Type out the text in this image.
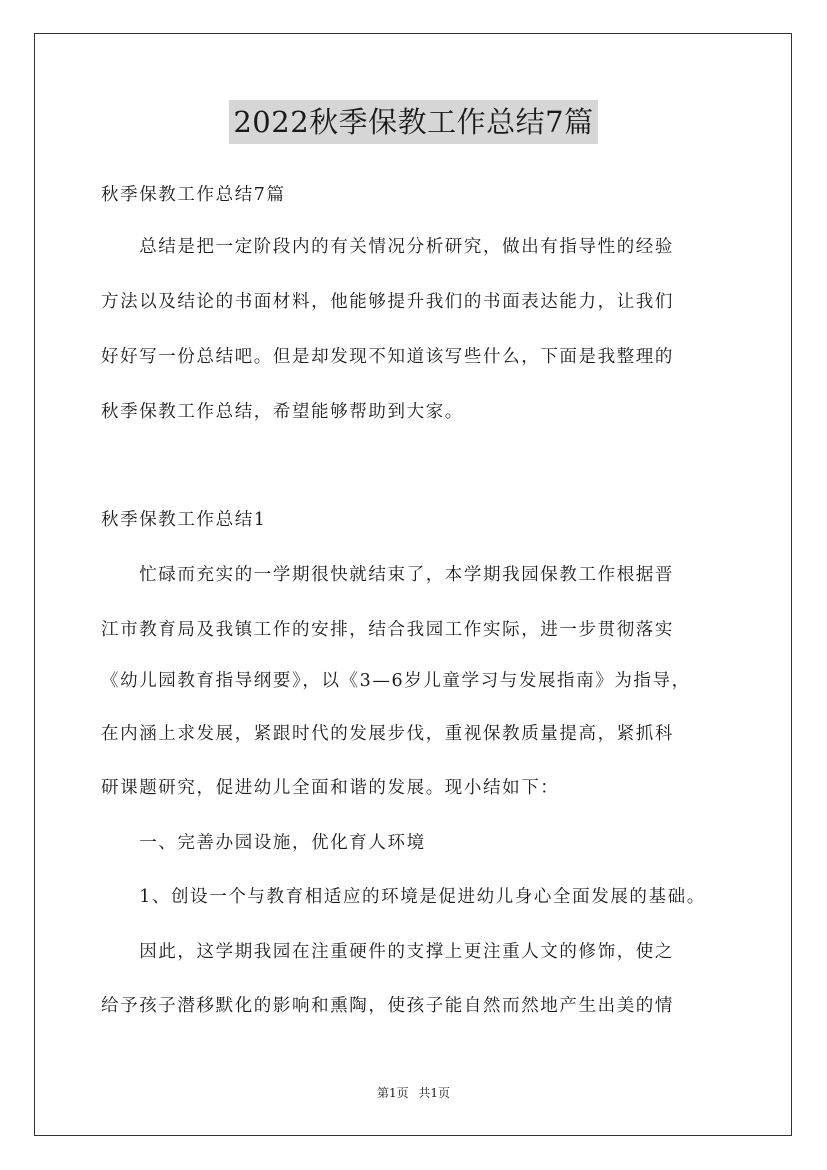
2022秋季保教工作总结7篇
秋季保教工作总结7篇
　　总结是把一定阶段内的有关情况分析研究，做出有指导性的经验
方法以及结论的书面材料，他能够提升我们的书面表达能力，让我们
好好写一份总结吧。但是却发现不知道该写些什么，下面是我整理的
秋季保教工作总结，希望能够帮助到大家。
秋季保教工作总结1
　　忙碌而充实的一学期很快就结束了，本学期我园保教工作根据晋
江市教育局及我镇工作的安排，结合我园工作实际，进一步贯彻落实
《幼儿园教育指导纲要》，以《3—6岁儿童学习与发展指南》为指导，
在内涵上求发展，紧跟时代的发展步伐，重视保教质量提高，紧抓科
研课题研究，促进幼儿全面和谐的发展。现小结如下：
　　一、完善办园设施，优化育人环境
　　1、创设一个与教育相适应的环境是促进幼儿身心全面发展的基础。
　　因此，这学期我园在注重硬件的支撑上更注重人文的修饰，使之
给予孩子潜移默化的影响和熏陶，使孩子能自然而然地产生出美的情
第1页 共1页
